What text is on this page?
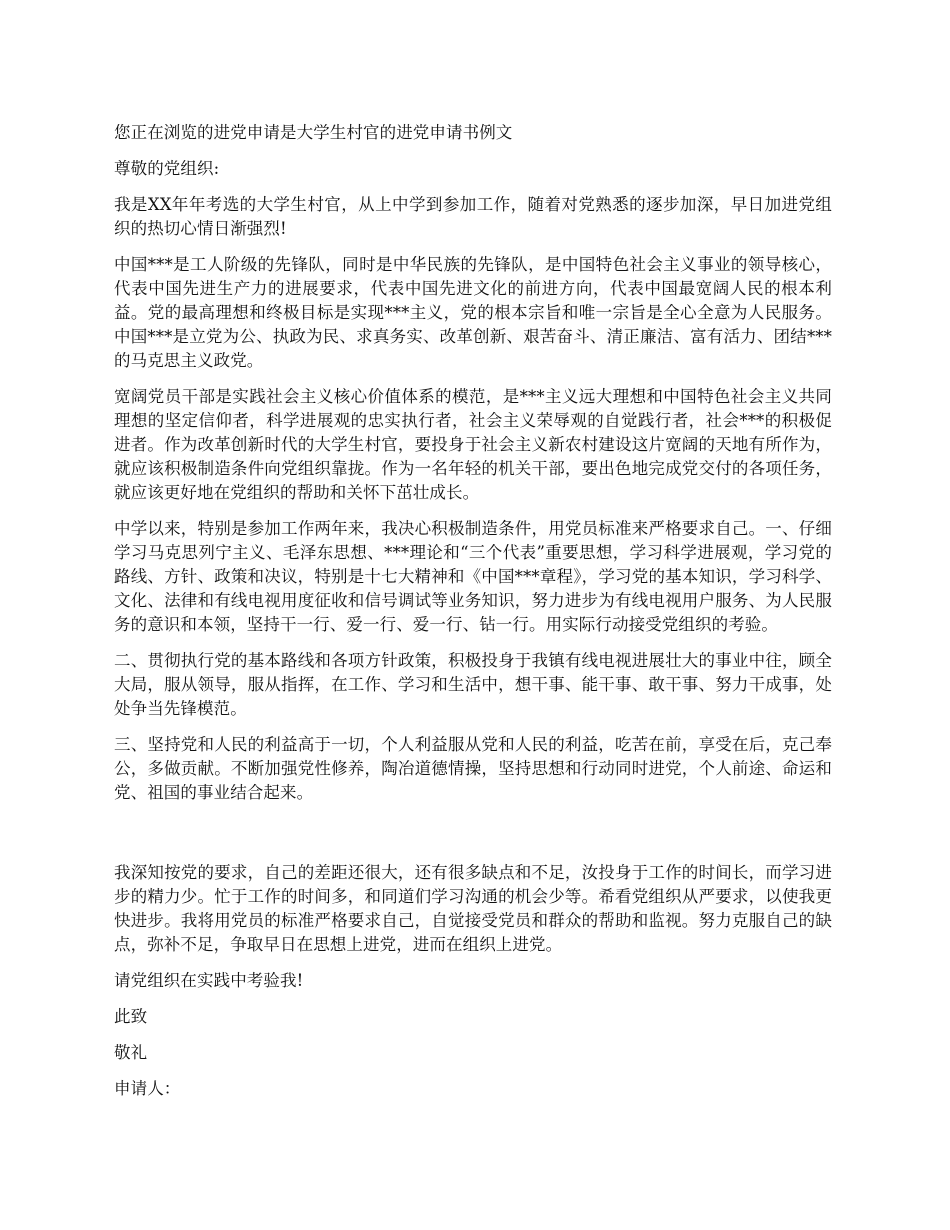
您正在浏览的进党申请是大学生村官的进党申请书例文

尊敬的党组织:

我是XX年年考选的大学生村官，从上中学到参加工作，随着对党熟悉的逐步加深，早日加进党组织的热切心情日渐强烈!

中国***是工人阶级的先锋队，同时是中华民族的先锋队，是中国特色社会主义事业的领导核心，代表中国先进生产力的进展要求，代表中国先进文化的前进方向，代表中国最宽阔人民的根本利益。党的最高理想和终极目标是实现***主义，党的根本宗旨和唯一宗旨是全心全意为人民服务。中国***是立党为公、执政为民、求真务实、改革创新、艰苦奋斗、清正廉洁、富有活力、团结***的马克思主义政党。

宽阔党员干部是实践社会主义核心价值体系的模范，是***主义远大理想和中国特色社会主义共同理想的坚定信仰者，科学进展观的忠实执行者，社会主义荣辱观的自觉践行者，社会***的积极促进者。作为改革创新时代的大学生村官，要投身于社会主义新农村建设这片宽阔的天地有所作为，就应该积极制造条件向党组织靠拢。作为一名年轻的机关干部，要出色地完成党交付的各项任务，就应该更好地在党组织的帮助和关怀下茁壮成长。

中学以来，特别是参加工作两年来，我决心积极制造条件，用党员标准来严格要求自己。一、仔细学习马克思列宁主义、毛泽东思想、***理论和“三个代表”重要思想，学习科学进展观，学习党的路线、方针、政策和决议，特别是十七大精神和《中国***章程》，学习党的基本知识，学习科学、文化、法律和有线电视用度征收和信号调试等业务知识，努力进步为有线电视用户服务、为人民服务的意识和本领，坚持干一行、爱一行、爱一行、钻一行。用实际行动接受党组织的考验。

二、贯彻执行党的基本路线和各项方针政策，积极投身于我镇有线电视进展壮大的事业中往，顾全大局，服从领导，服从指挥，在工作、学习和生活中，想干事、能干事、敢干事、努力干成事，处处争当先锋模范。

三、坚持党和人民的利益高于一切，个人利益服从党和人民的利益，吃苦在前，享受在后，克己奉公，多做贡献。不断加强党性修养，陶冶道德情操，坚持思想和行动同时进党，个人前途、命运和党、祖国的事业结合起来。

我深知按党的要求，自己的差距还很大，还有很多缺点和不足，汝投身于工作的时间长，而学习进步的精力少。忙于工作的时间多，和同道们学习沟通的机会少等。希看党组织从严要求，以使我更快进步。我将用党员的标准严格要求自己，自觉接受党员和群众的帮助和监视。努力克服自己的缺点，弥补不足，争取早日在思想上进党，进而在组织上进党。

请党组织在实践中考验我!

此致

敬礼

申请人：
